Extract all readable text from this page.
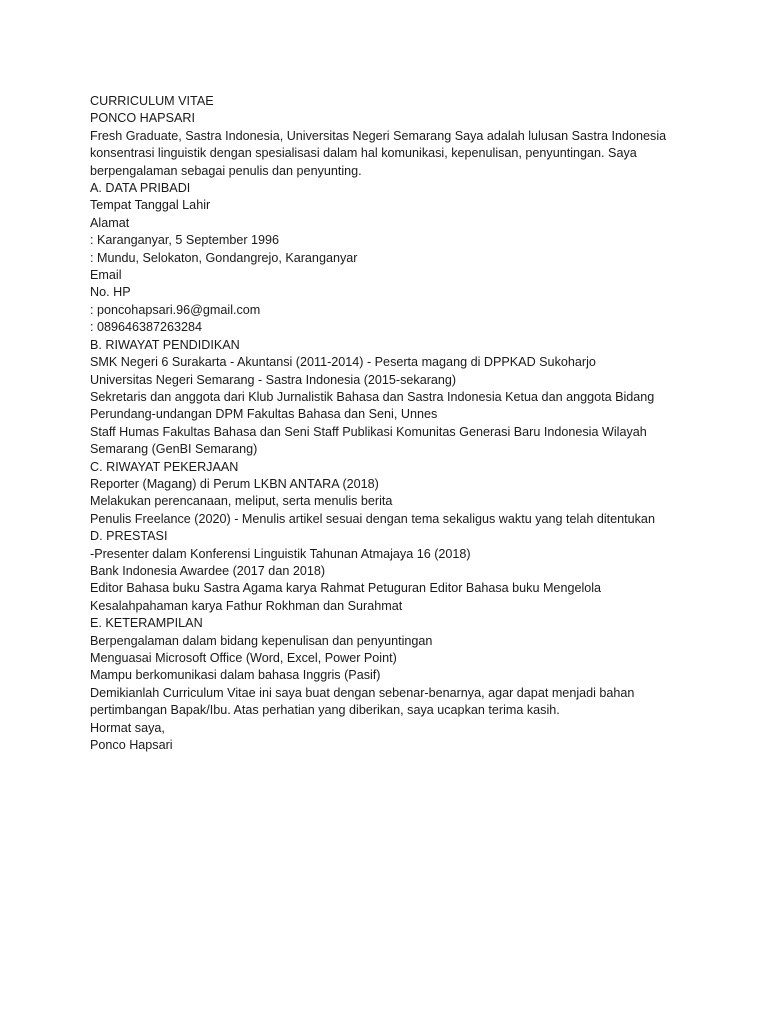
CURRICULUM VITAE

PONCO HAPSARI

Fresh Graduate, Sastra Indonesia, Universitas Negeri Semarang Saya adalah lulusan Sastra Indonesia konsentrasi linguistik dengan spesialisasi dalam hal komunikasi, kepenulisan, penyuntingan. Saya berpengalaman sebagai penulis dan penyunting.

A. DATA PRIBADI

Tempat Tanggal Lahir

Alamat

: Karanganyar, 5 September 1996

: Mundu, Selokaton, Gondangrejo, Karanganyar

Email

No. HP

: poncohapsari.96@gmail.com

: 089646387263284

B. RIWAYAT PENDIDIKAN

SMK Negeri 6 Surakarta - Akuntansi (2011-2014) - Peserta magang di DPPKAD Sukoharjo

Universitas Negeri Semarang - Sastra Indonesia (2015-sekarang)

Sekretaris dan anggota dari Klub Jurnalistik Bahasa dan Sastra Indonesia Ketua dan anggota Bidang Perundang-undangan DPM Fakultas Bahasa dan Seni, Unnes

Staff Humas Fakultas Bahasa dan Seni Staff Publikasi Komunitas Generasi Baru Indonesia Wilayah Semarang (GenBI Semarang)

C. RIWAYAT PEKERJAAN

Reporter (Magang) di Perum LKBN ANTARA (2018)

Melakukan perencanaan, meliput, serta menulis berita

Penulis Freelance (2020) - Menulis artikel sesuai dengan tema sekaligus waktu yang telah ditentukan

D. PRESTASI

-Presenter dalam Konferensi Linguistik Tahunan Atmajaya 16 (2018)

Bank Indonesia Awardee (2017 dan 2018)

Editor Bahasa buku Sastra Agama karya Rahmat Petuguran Editor Bahasa buku Mengelola Kesalahpahaman karya Fathur Rokhman dan Surahmat

E. KETERAMPILAN

Berpengalaman dalam bidang kepenulisan dan penyuntingan

Menguasai Microsoft Office (Word, Excel, Power Point)

Mampu berkomunikasi dalam bahasa Inggris (Pasif)

Demikianlah Curriculum Vitae ini saya buat dengan sebenar-benarnya, agar dapat menjadi bahan pertimbangan Bapak/Ibu. Atas perhatian yang diberikan, saya ucapkan terima kasih.

Hormat saya,

Ponco Hapsari
